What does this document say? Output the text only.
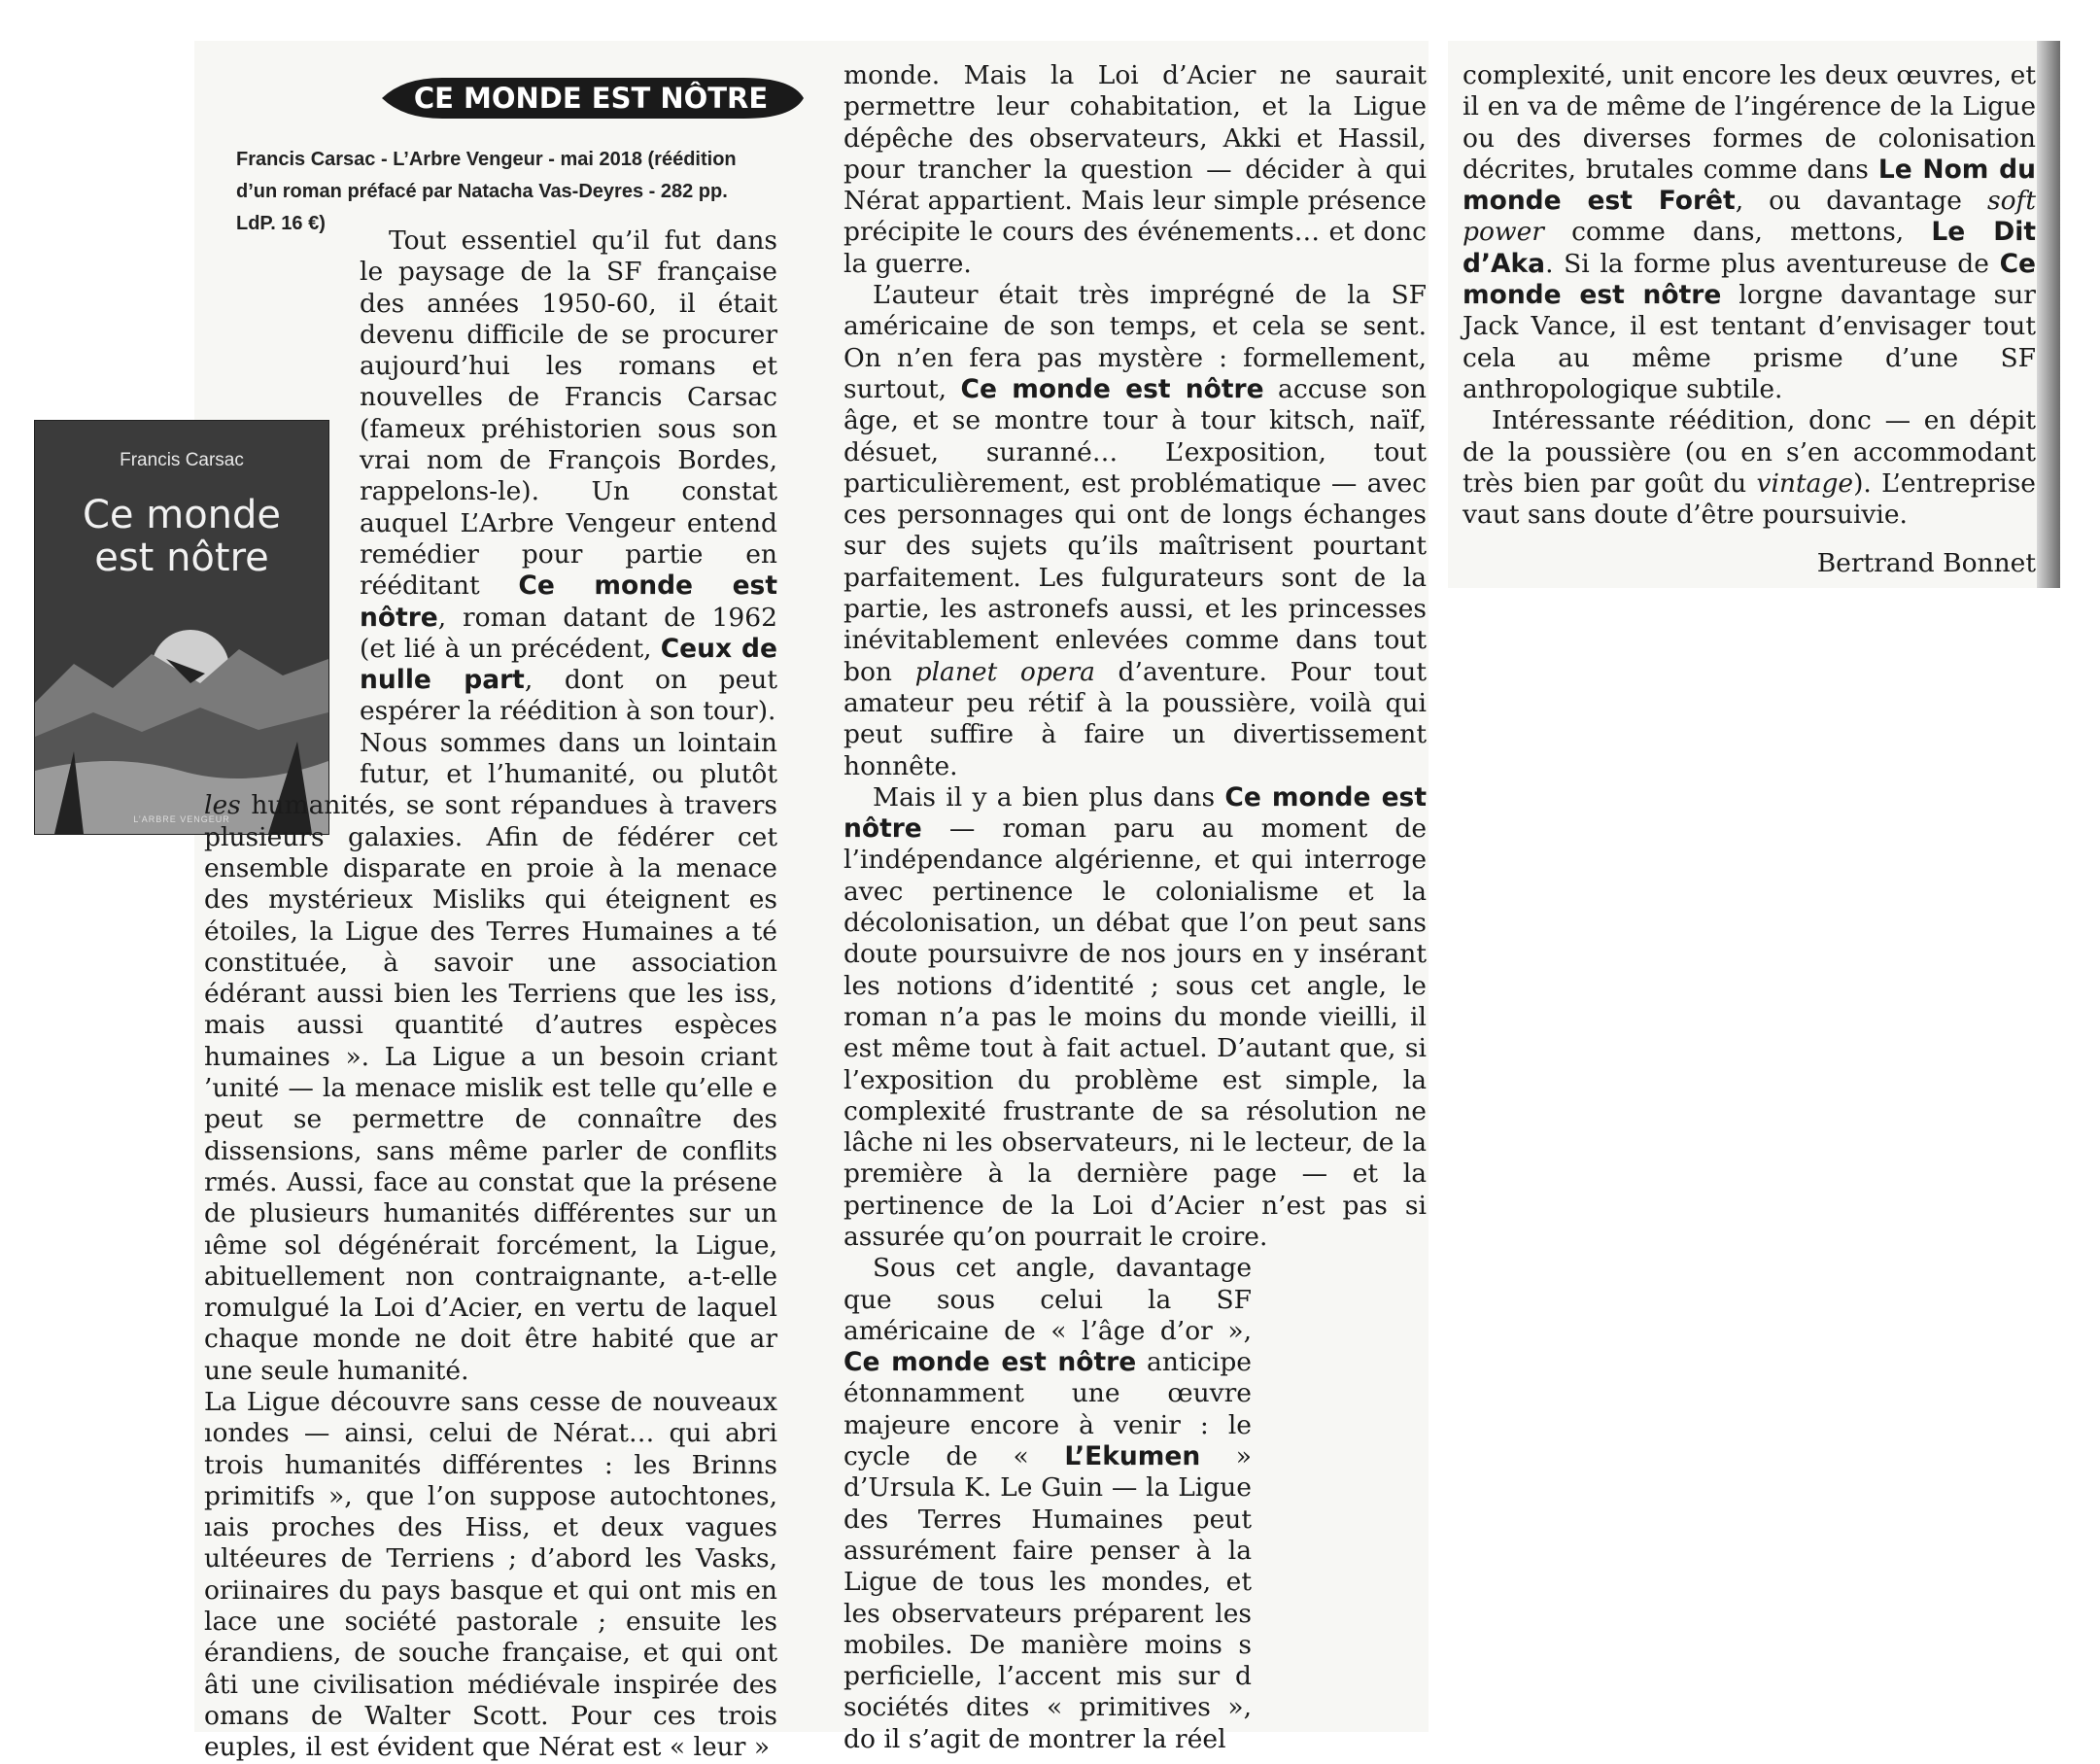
CE MONDE EST NÔTRE

Francis Carsac - L’Arbre Vengeur - mai 2018 (réédition d’un roman préfacé par Natacha Vas-Deyres - 282 pp. LdP. 16 €)

Francis Carsac
Ce monde
est nôtre
L’ARBRE VENGEUR

Tout essentiel qu’il fut dans le paysage de la SF française des années 1950-60, il était devenu difficile de se procurer aujourd’hui les romans et nouvelles de Francis Carsac (fameux préhistorien sous son vrai nom de François Bordes, rappelons-le). Un constat auquel L’Arbre Vengeur entend remédier pour partie en rééditant Ce monde est nôtre, roman datant de 1962 (et lié à un précédent, Ceux de nulle part, dont on peut espérer la réédition à son tour).

Nous sommes dans un lointain futur, et l’humanité, ou plutôt les humanités, se sont répandues à travers plusieurs galaxies. Afin de fédérer cet ensemble disparate en proie à la menace des mystérieux Misliks qui éteignent es étoiles, la Ligue des Terres Humaines a té constituée, à savoir une association édérant aussi bien les Terriens que les iss, mais aussi quantité d’autres espèces humaines ». La Ligue a un besoin criant ’unité — la menace mislik est telle qu’elle e peut se permettre de connaître des dissensions, sans même parler de conflits rmés. Aussi, face au constat que la présene de plusieurs humanités différentes sur un ıême sol dégénérait forcément, la Ligue, abituellement non contraignante, a-t-elle romulgué la Loi d’Acier, en vertu de laquel chaque monde ne doit être habité que ar une seule humanité.

La Ligue découvre sans cesse de nouveaux ıondes — ainsi, celui de Nérat… qui abri trois humanités différentes : les Brinns primitifs », que l’on suppose autochtones, ıais proches des Hiss, et deux vagues ultéeures de Terriens ; d’abord les Vasks, oriinaires du pays basque et qui ont mis en lace une société pastorale ; ensuite les érandiens, de souche française, et qui ont âti une civilisation médiévale inspirée des omans de Walter Scott. Pour ces trois euples, il est évident que Nérat est « leur »

monde. Mais la Loi d’Acier ne saurait permettre leur cohabitation, et la Ligue dépêche des observateurs, Akki et Hassil, pour trancher la question — décider à qui Nérat appartient. Mais leur simple présence précipite le cours des événements… et donc la guerre.

L’auteur était très imprégné de la SF américaine de son temps, et cela se sent. On n’en fera pas mystère : formellement, surtout, Ce monde est nôtre accuse son âge, et se montre tour à tour kitsch, naïf, désuet, suranné… L’exposition, tout particulièrement, est problématique — avec ces personnages qui ont de longs échanges sur des sujets qu’ils maîtrisent pourtant parfaitement. Les fulgurateurs sont de la partie, les astronefs aussi, et les princesses inévitablement enlevées comme dans tout bon planet opera d’aventure. Pour tout amateur peu rétif à la poussière, voilà qui peut suffire à faire un divertissement honnête.

Mais il y a bien plus dans Ce monde est nôtre — roman paru au moment de l’indépendance algérienne, et qui interroge avec pertinence le colonialisme et la décolonisation, un débat que l’on peut sans doute poursuivre de nos jours en y insérant les notions d’identité ; sous cet angle, le roman n’a pas le moins du monde vieilli, il est même tout à fait actuel. D’autant que, si l’exposition du problème est simple, la complexité frustrante de sa résolution ne lâche ni les observateurs, ni le lecteur, de la première à la dernière page — et la pertinence de la Loi d’Acier n’est pas si assurée qu’on pourrait le croire.

Sous cet angle, davantage que sous celui la SF américaine de « l’âge d’or », Ce monde est nôtre anticipe étonnamment une œuvre majeure encore à venir : le cycle de « L’Ekumen » d’Ursula K. Le Guin — la Ligue des Terres Humaines peut assurément faire penser à la Ligue de tous les mondes, et les observateurs préparent les mobiles. De manière moins s perficielle, l’accent mis sur d sociétés dites « primitives », do il s’agit de montrer la réel

complexité, unit encore les deux œuvres, et il en va de même de l’ingérence de la Ligue ou des diverses formes de colonisation décrites, brutales comme dans Le Nom du monde est Forêt, ou davantage soft power comme dans, mettons, Le Dit d’Aka. Si la forme plus aventureuse de Ce monde est nôtre lorgne davantage sur Jack Vance, il est tentant d’envisager tout cela au même prisme d’une SF anthropologique subtile.

Intéressante réédition, donc — en dépit de la poussière (ou en s’en accommodant très bien par goût du vintage). L’entreprise vaut sans doute d’être poursuivie.

Bertrand Bonnet
